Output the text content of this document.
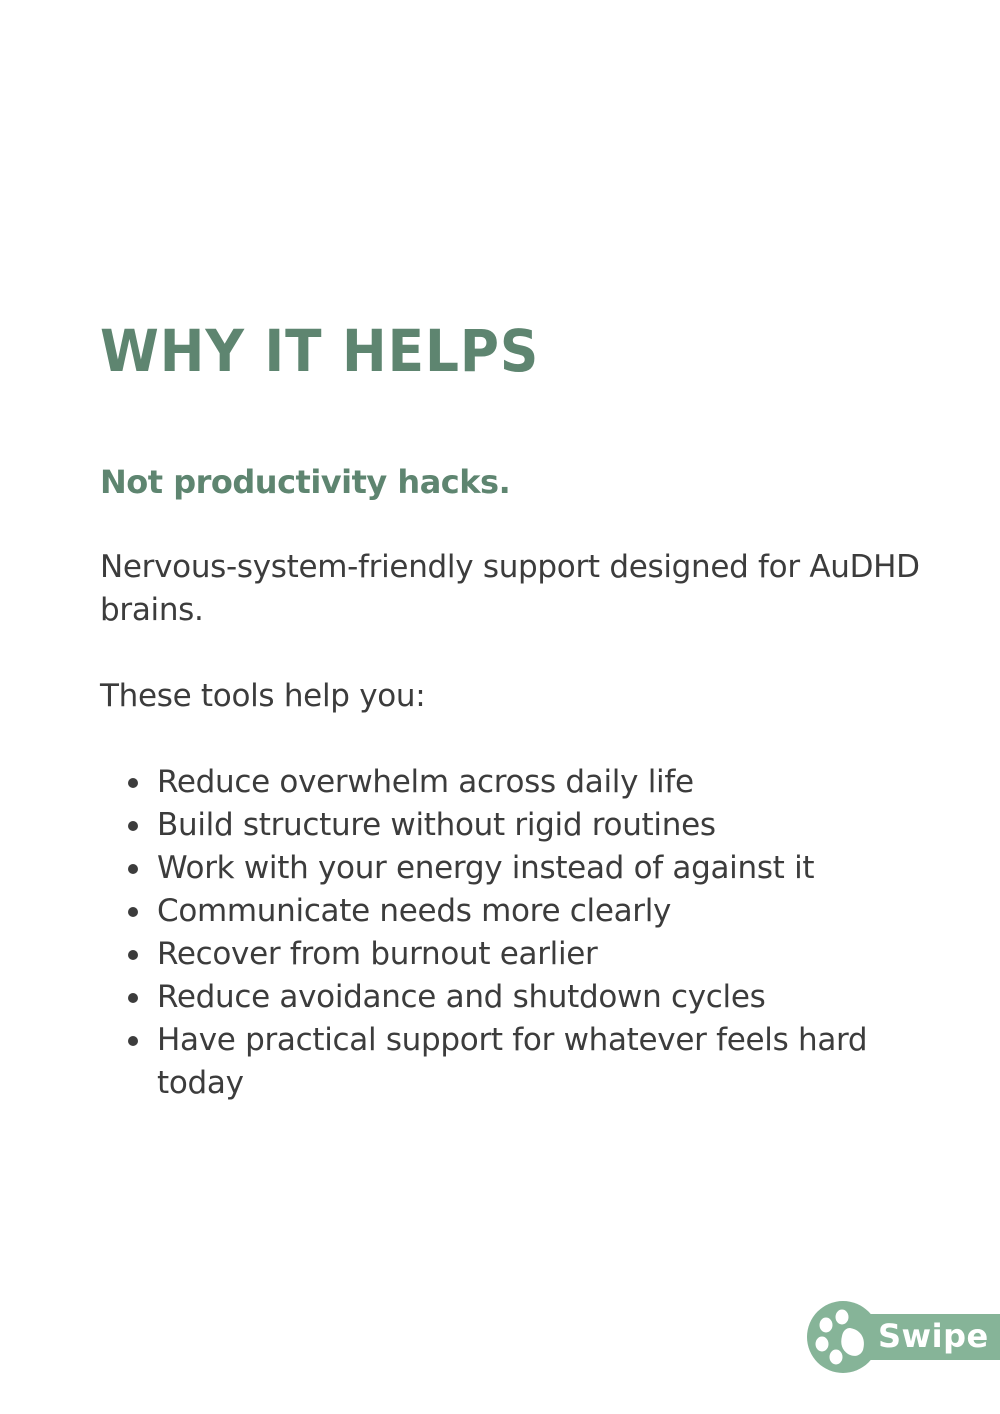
WHY IT HELPS

Not productivity hacks.

Nervous-system-friendly support designed for AuDHD brains.

These tools help you:

Reduce overwhelm across daily life
Build structure without rigid routines
Work with your energy instead of against it
Communicate needs more clearly
Recover from burnout earlier
Reduce avoidance and shutdown cycles
Have practical support for whatever feels hard today
Swipe
